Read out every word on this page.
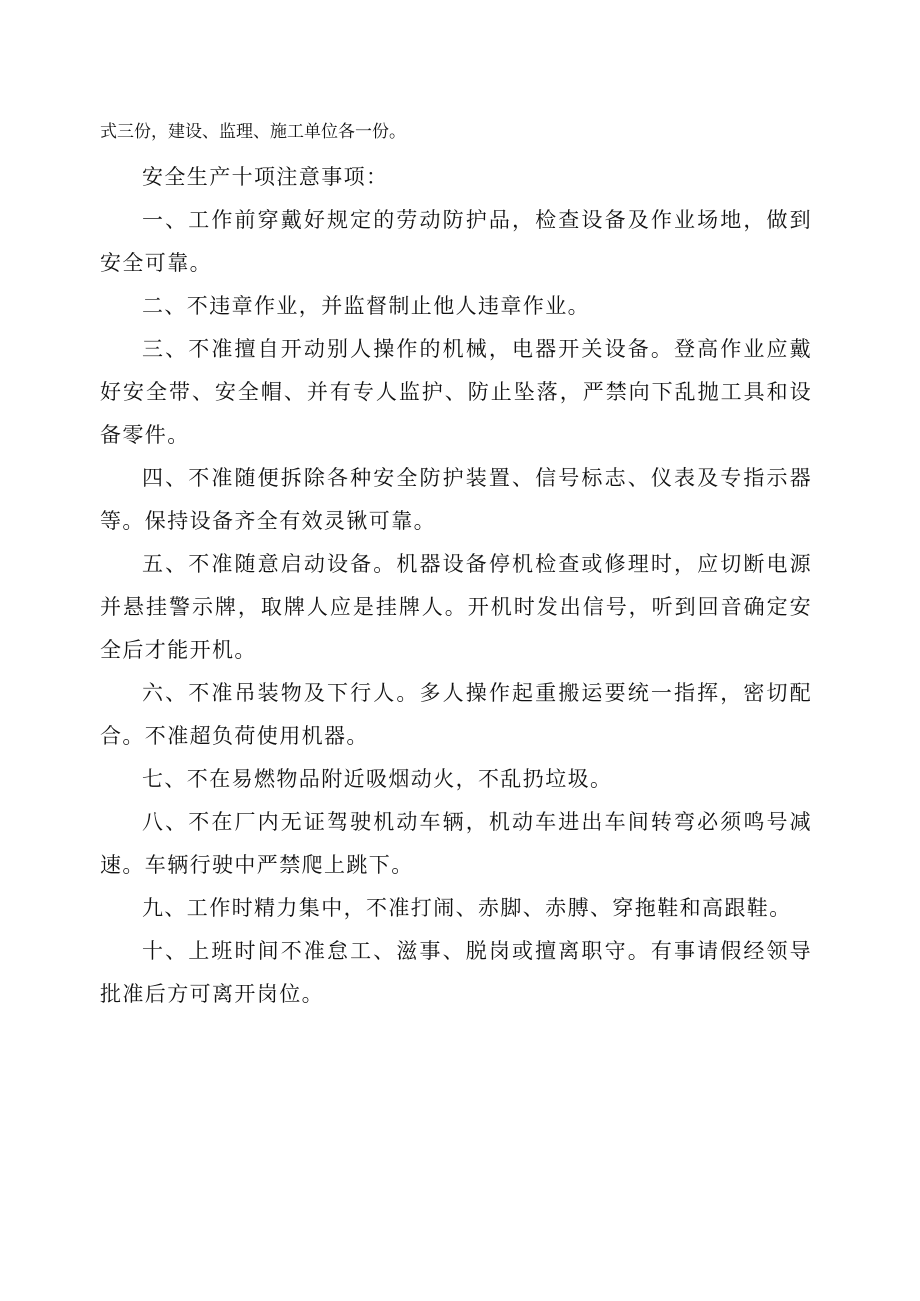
式三份，建设、监理、施工单位各一份。

安全生产十项注意事项：

一、工作前穿戴好规定的劳动防护品，检查设备及作业场地，做到安全可靠。

二、不违章作业，并监督制止他人违章作业。

三、不准擅自开动别人操作的机械，电器开关设备。登高作业应戴好安全带、安全帽、并有专人监护、防止坠落，严禁向下乱抛工具和设备零件。

四、不准随便拆除各种安全防护装置、信号标志、仪表及专指示器等。保持设备齐全有效灵锹可靠。

五、不准随意启动设备。机器设备停机检查或修理时，应切断电源并悬挂警示牌，取牌人应是挂牌人。开机时发出信号，听到回音确定安全后才能开机。

六、不准吊装物及下行人。多人操作起重搬运要统一指挥，密切配合。不准超负荷使用机器。

七、不在易燃物品附近吸烟动火，不乱扔垃圾。

八、不在厂内无证驾驶机动车辆，机动车进出车间转弯必须鸣号减速。车辆行驶中严禁爬上跳下。

九、工作时精力集中，不准打闹、赤脚、赤膊、穿拖鞋和高跟鞋。

十、上班时间不准怠工、滋事、脱岗或擅离职守。有事请假经领导批准后方可离开岗位。
